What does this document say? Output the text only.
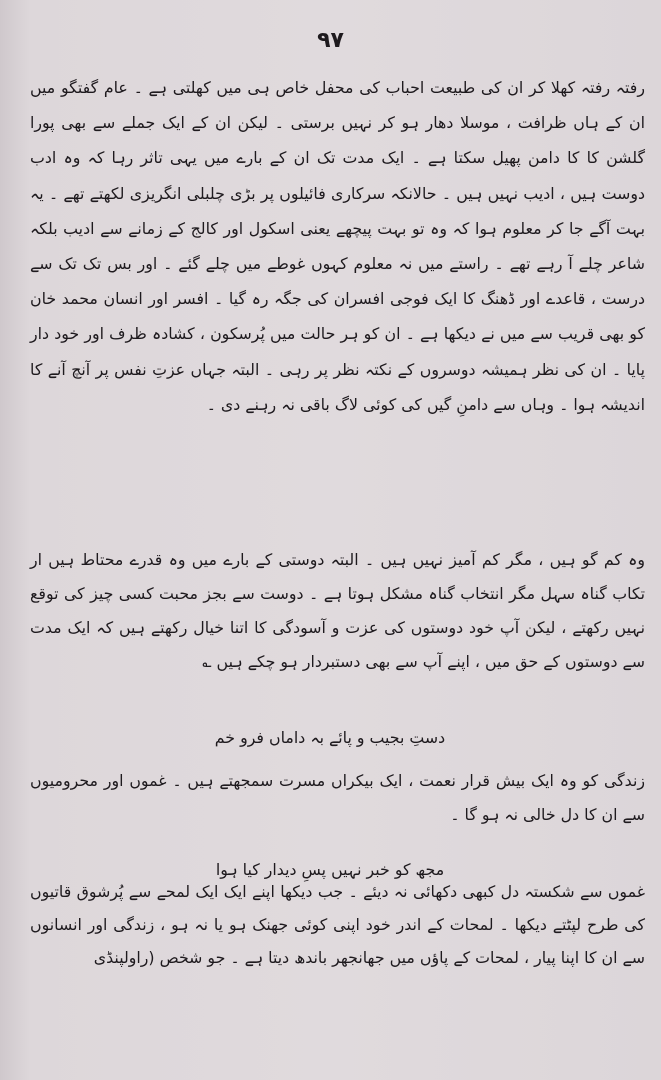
۹۷
رفتہ رفتہ کھلا کر ان کی طبیعت احباب کی محفل خاص ہی میں کھلتی ہے ۔ عام گفتگو میں ان کے ہاں ظرافت ، موسلا دھار ہو کر نہیں برستی ۔ لیکن ان کے ایک جملے سے بھی پورا گلشن کا کا دامن پھیل سکتا ہے ۔ ایک مدت تک ان کے بارے میں یہی تاثر رہا کہ وہ ادب دوست ہیں ، ادیب نہیں ہیں ۔ حالانکہ سرکاری فائیلوں پر بڑی چلبلی انگریزی لکھتے تھے ۔ یہ بہت آگے جا کر معلوم ہوا کہ وہ تو بہت پیچھے یعنی اسکول اور کالج کے زمانے سے ادیب بلکہ شاعر چلے آ رہے تھے ۔ راستے میں نہ معلوم کہوں غوطے میں چلے گئے ۔ اور بس تک تک سے درست ، قاعدے اور ڈھنگ کا ایک فوجی افسران کی جگہ رہ گیا ۔ افسر اور انسان محمد خان کو بھی قریب سے میں نے دیکھا ہے ۔ ان کو ہر حالت میں پُرسکون ، کشادہ ظرف اور خود دار پایا ۔ ان کی نظر ہمیشہ دوسروں کے نکتہ نظر پر رہی ۔ البتہ جہاں عزتِ نفس پر آنچ آنے کا اندیشہ ہوا ۔ وہاں سے دامنِ گیں کی کوئی لاگ باقی نہ رہنے دی ۔
وہ کم گو ہیں ، مگر کم آمیز نہیں ہیں ۔ البتہ دوستی کے بارے میں وہ قدرے محتاط ہیں ار تکاب گناہ سہل مگر انتخاب گناہ مشکل ہوتا ہے ۔ دوست سے بجز محبت کسی چیز کی توقع نہیں رکھتے ، لیکن آپ خود دوستوں کی عزت و آسودگی کا اتنا خیال رکھتے ہیں کہ ایک مدت سے دوستوں کے حق میں ، اپنے آپ سے بھی دستبردار ہو چکے ہیں ؎
دستِ بجیب و پائے بہ داماں فرو خم
زندگی کو وہ ایک بیش قرار نعمت ، ایک بیکراں مسرت سمجھتے ہیں ۔ غموں اور محرومیوں سے ان کا دل خالی نہ ہو گا ۔
مجھ کو خبر نہیں پسِ دیدار کیا ہوا
غموں سے شکستہ دل کبھی دکھائی نہ دیئے ۔ جب دیکھا اپنے ایک ایک لمحے سے پُرشوق قاتیوں کی طرح لپٹتے دیکھا ۔ لمحات کے اندر خود اپنی کوئی جھنک ہو یا نہ ہو ، زندگی اور انسانوں سے ان کا اپنا پیار ، لمحات کے پاؤں میں جھانجھر باندھ دیتا ہے ۔ جو شخص (راولپنڈی
